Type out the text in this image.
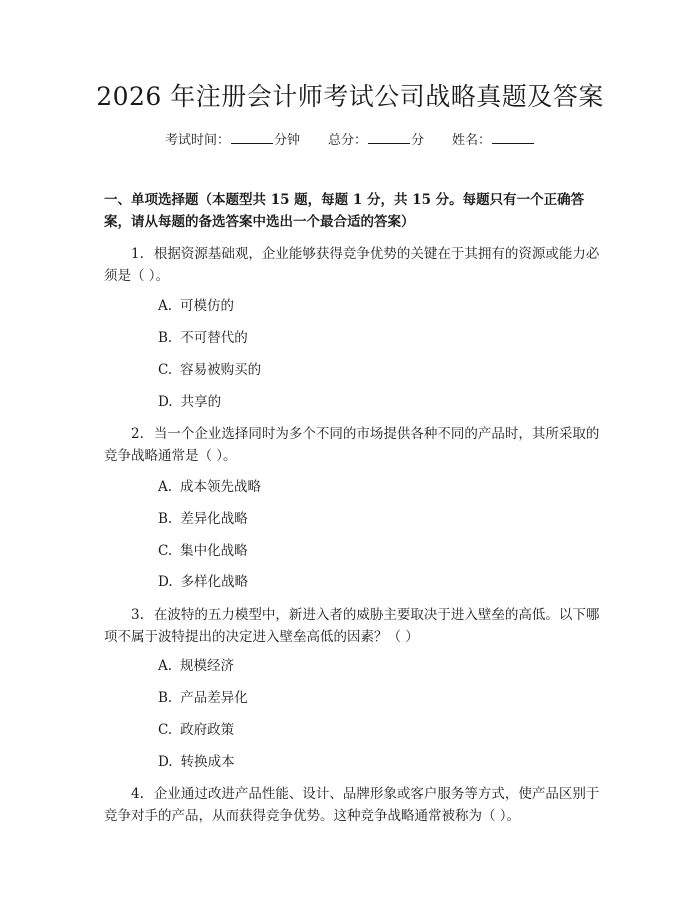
2026 年注册会计师考试公司战略真题及答案
考试时间：	分钟 总分：	分 姓名：
一、单项选择题（本题型共 15 题，每题 1 分，共 15 分。每题只有一个正确答案，请从每题的备选答案中选出一个最合适的答案）
1. 根据资源基础观，企业能够获得竞争优势的关键在于其拥有的资源或能力必须是（ ）。
A. 可模仿的
B. 不可替代的
C. 容易被购买的
D. 共享的
2. 当一个企业选择同时为多个不同的市场提供各种不同的产品时，其所采取的竞争战略通常是（ ）。
A. 成本领先战略
B. 差异化战略
C. 集中化战略
D. 多样化战略
3. 在波特的五力模型中，新进入者的威胁主要取决于进入壁垒的高低。以下哪项不属于波特提出的决定进入壁垒高低的因素？（ ）
A. 规模经济
B. 产品差异化
C. 政府政策
D. 转换成本
4. 企业通过改进产品性能、设计、品牌形象或客户服务等方式，使产品区别于竞争对手的产品，从而获得竞争优势。这种竞争战略通常被称为（ ）。
